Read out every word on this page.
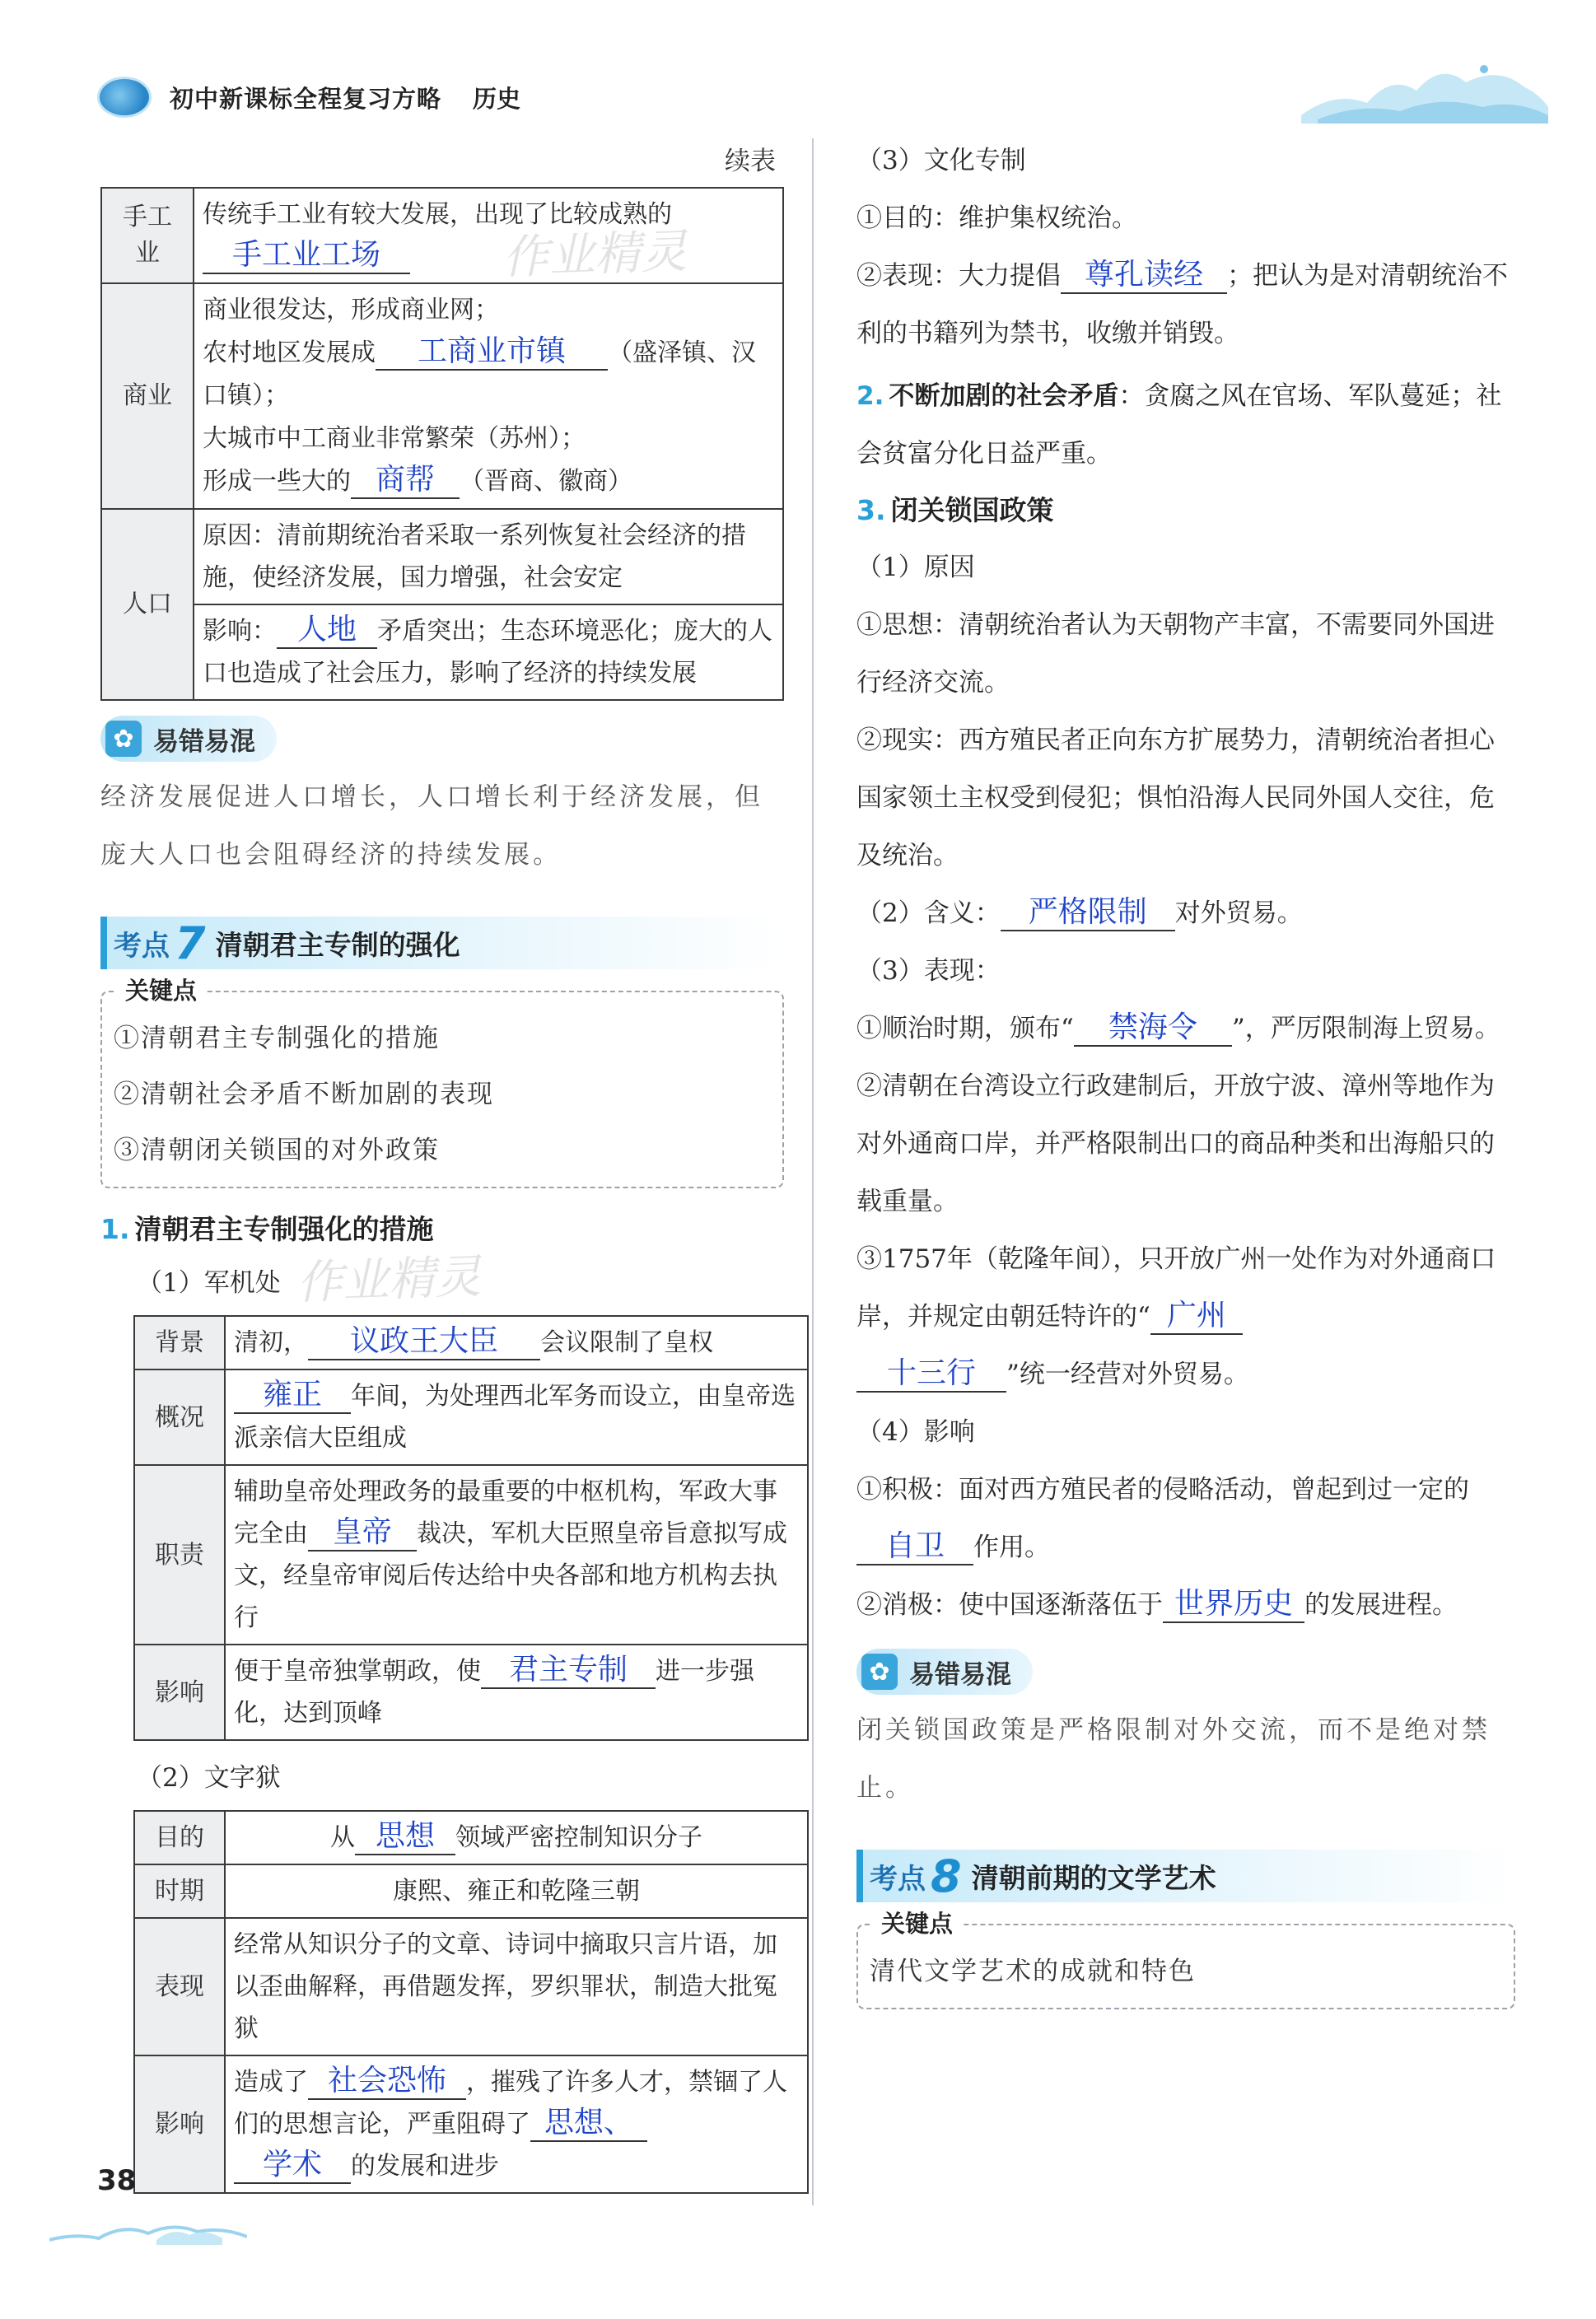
初中新课标全程复习方略 历史
续表
手工
业	传统手工业有较大发展，出现了比较成熟的
手工业工场
商业	商业很发达，形成商业网；
农村地区发展成 工商业市镇 （盛泽镇、汉口镇）；
大城市中工商业非常繁荣（苏州）；
形成一些大的 商帮 （晋商、徽商）
人口	原因：清前期统治者采取一系列恢复社会经济的措施，使经济发展，国力增强，社会安定
	影响： 人地 矛盾突出；生态环境恶化；庞大的人口也造成了社会压力，影响了经济的持续发展
✿ 易错易混

经济发展促进人口增长，人口增长利于经济发展，但庞大人口也会阻碍经济的持续发展。

考点 7 清朝君主专制的强化
关键点

①清朝君主专制强化的措施

②清朝社会矛盾不断加剧的表现

③清朝闭关锁国的对外政策

1. 清朝君主专制强化的措施
（1）军机处
背景	清初， 议政王大臣 会议限制了皇权
概况	雍正 年间，为处理西北军务而设立，由皇帝选派亲信大臣组成
职责	辅助皇帝处理政务的最重要的中枢机构，军政大事完全由 皇帝 裁决，军机大臣照皇帝旨意拟写成文，经皇帝审阅后传达给中央各部和地方机构去执行
影响	便于皇帝独掌朝政，使 君主专制 进一步强化，达到顶峰
（2）文字狱
目的	从 思想 领域严密控制知识分子
时期	康熙、雍正和乾隆三朝
表现	经常从知识分子的文章、诗词中摘取只言片语，加以歪曲解释，再借题发挥，罗织罪状，制造大批冤狱
影响	造成了 社会恐怖 ，摧残了许多人才，禁锢了人们的思想言论，严重阻碍了 思想、
学术 的发展和进步

（3）文化专制

①目的：维护集权统治。

②表现：大力提倡 尊孔读经 ；把认为是对清朝统治不利的书籍列为禁书，收缴并销毁。

2. 不断加剧的社会矛盾：贪腐之风在官场、军队蔓延；社会贫富分化日益严重。
3. 闭关锁国政策

（1）原因

①思想：清朝统治者认为天朝物产丰富，不需要同外国进行经济交流。

②现实：西方殖民者正向东方扩展势力，清朝统治者担心国家领土主权受到侵犯；惧怕沿海人民同外国人交往，危及统治。

（2）含义： 严格限制 对外贸易。

（3）表现：

①顺治时期，颁布“ 禁海令 ”，严厉限制海上贸易。

②清朝在台湾设立行政建制后，开放宁波、漳州等地作为对外通商口岸，并严格限制出口的商品种类和出海船只的载重量。

③1757年（乾隆年间），只开放广州一处作为对外通商口岸，并规定由朝廷特许的“ 广州
十三行 ”统一经营对外贸易。

（4）影响

①积极：面对西方殖民者的侵略活动，曾起到过一定的自卫 作用。

②消极：使中国逐渐落伍于 世界历史 的发展进程。

✿ 易错易混

闭关锁国政策是严格限制对外交流，而不是绝对禁止。

考点 8 清朝前期的文学艺术
关键点

清代文学艺术的成就和特色

作业精灵
作业精灵
38
